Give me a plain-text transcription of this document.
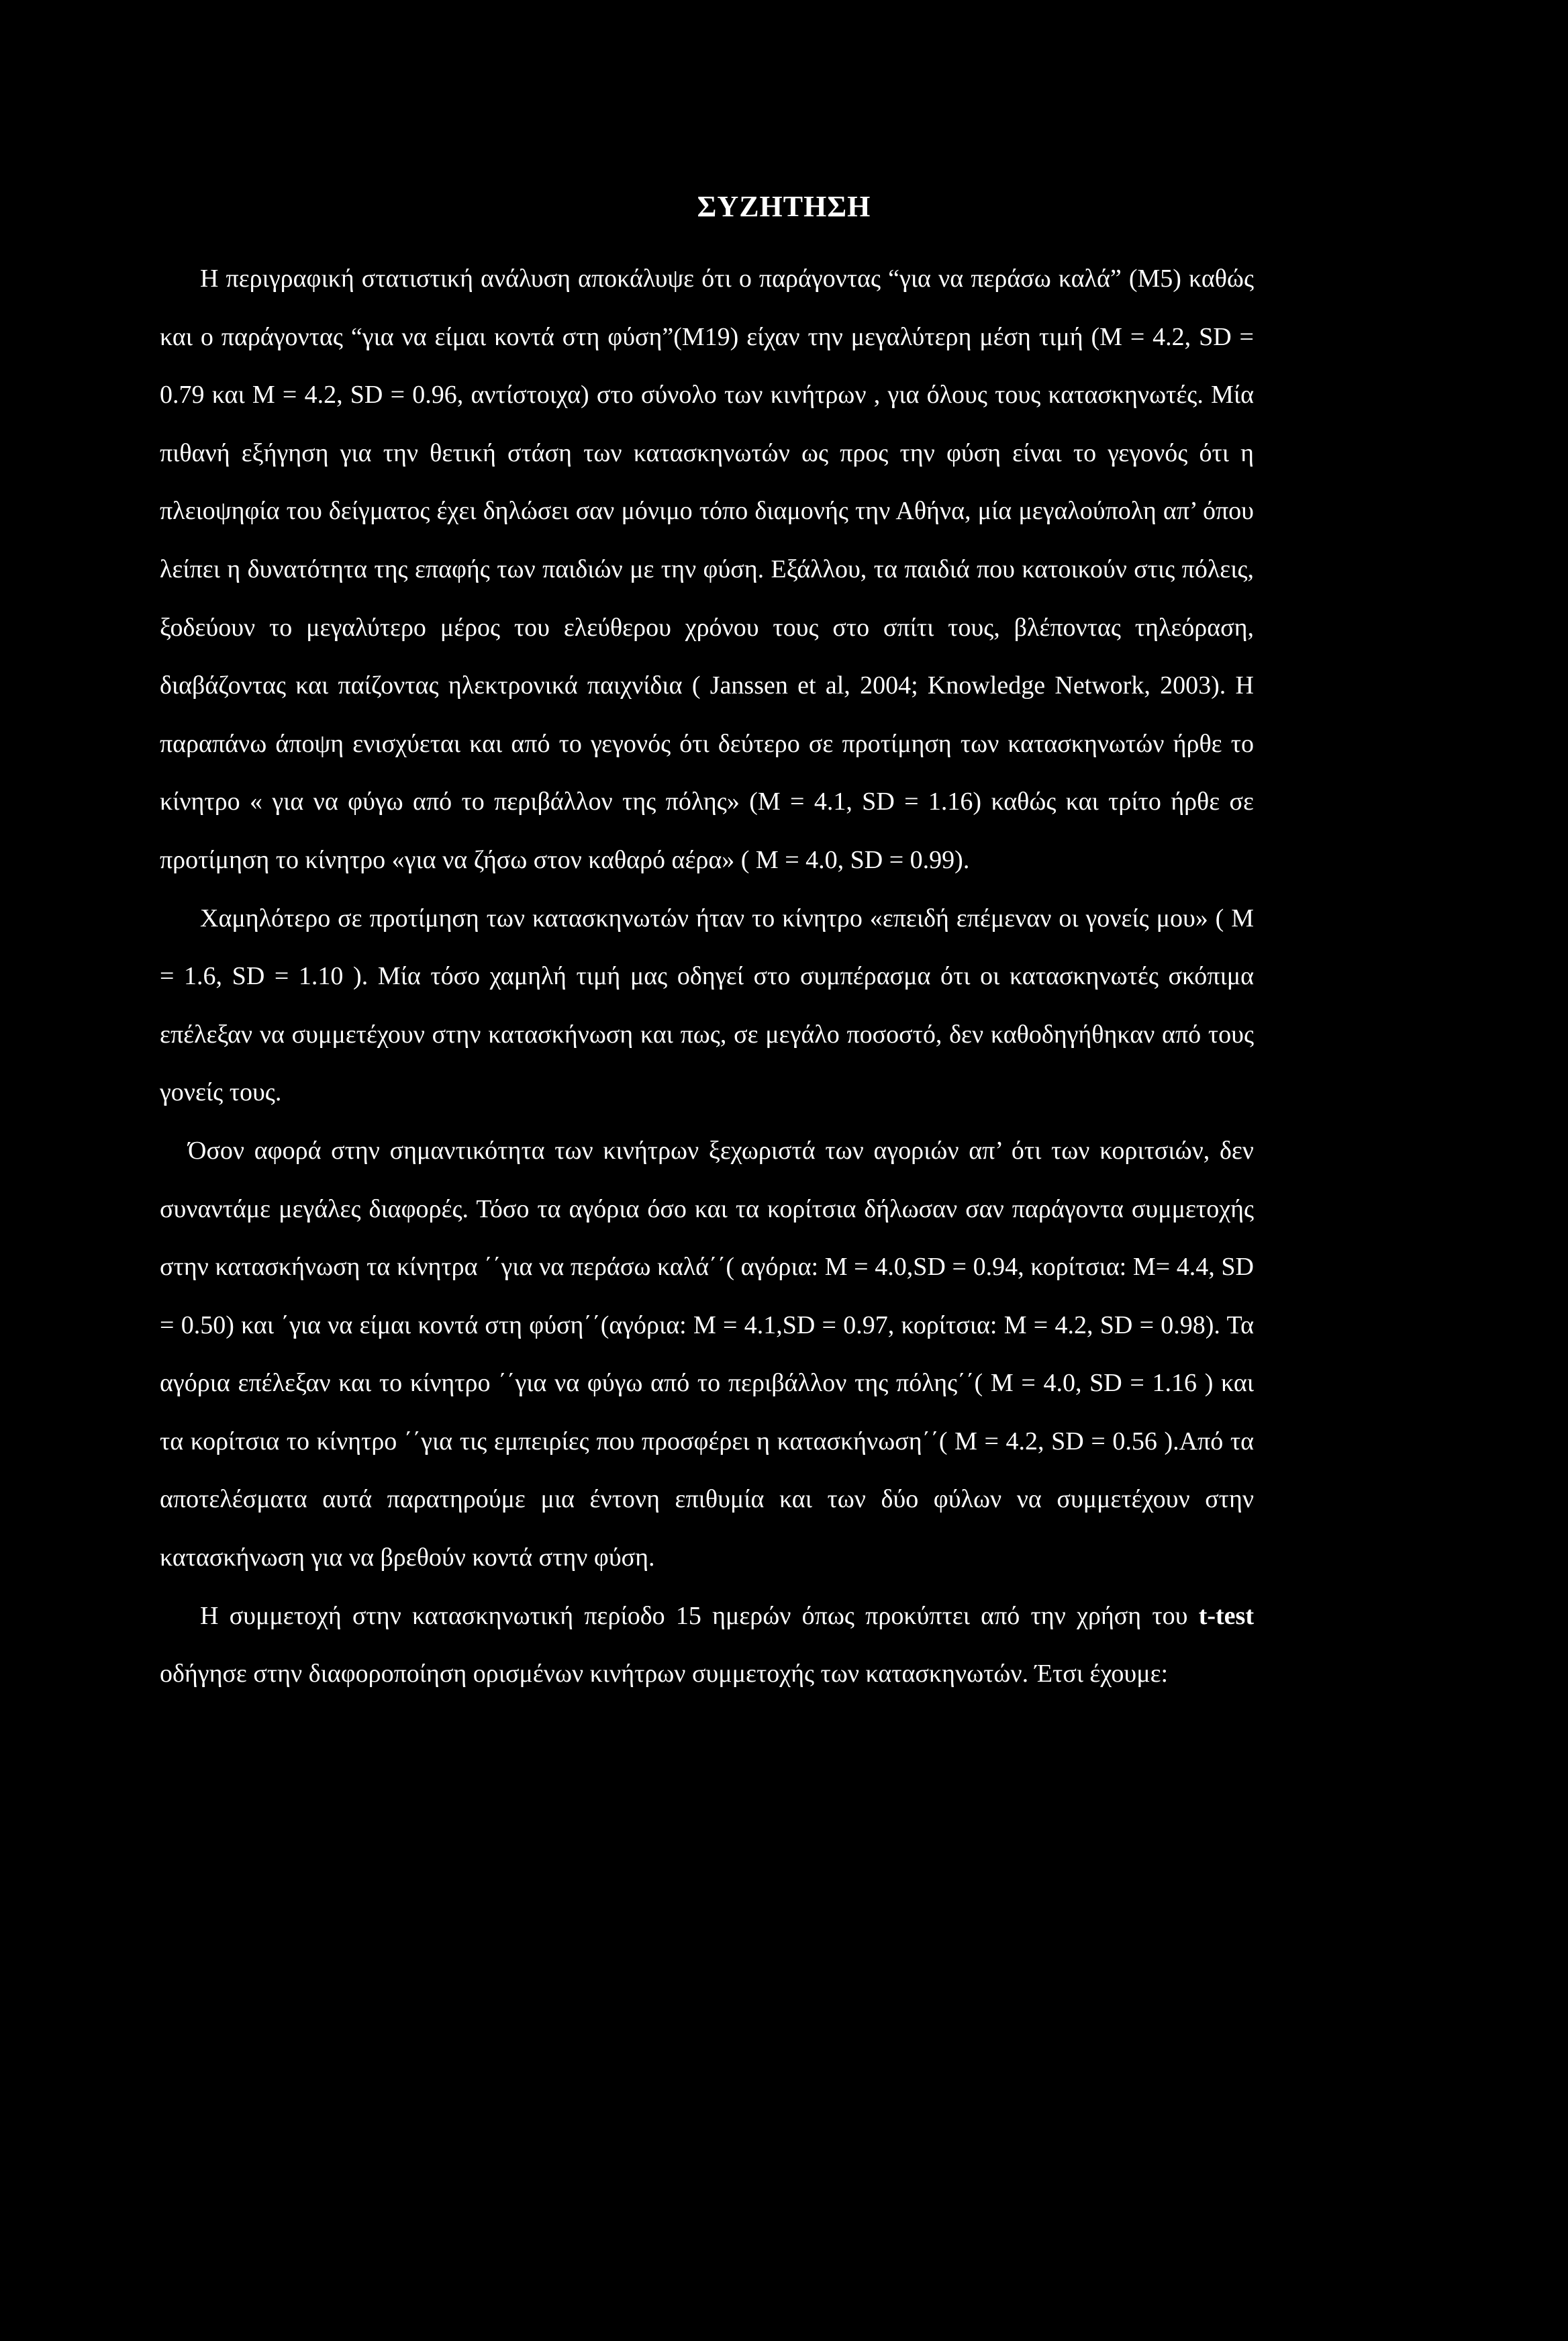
ΣΥΖΗΤΗΣΗ

Η περιγραφική στατιστική ανάλυση αποκάλυψε ότι ο παράγοντας “για να περάσω καλά” (Μ5) καθώς και ο παράγοντας “για να είμαι κοντά στη φύση”(Μ19) είχαν την μεγαλύτερη μέση τιμή (Μ = 4.2, SD = 0.79 και Μ = 4.2, SD = 0.96, αντίστοιχα) στο σύνολο των κινήτρων , για όλους τους κατασκηνωτές. Μία πιθανή εξήγηση για την θετική στάση των κατασκηνωτών ως προς την φύση είναι το γεγονός ότι η πλειοψηφία του δείγματος έχει δηλώσει σαν μόνιμο τόπο διαμονής την Αθήνα, μία μεγαλούπολη απ’ όπου λείπει η δυνατότητα της επαφής των παιδιών με την φύση. Εξάλλου, τα παιδιά που κατοικούν στις πόλεις, ξοδεύουν το μεγαλύτερο μέρος του ελεύθερου χρόνου τους στο σπίτι τους, βλέποντας τηλεόραση, διαβάζοντας και παίζοντας ηλεκτρονικά παιχνίδια ( Janssen et al, 2004; Knowledge Network, 2003). Η παραπάνω άποψη ενισχύεται και από το γεγονός ότι δεύτερο σε προτίμηση των κατασκηνωτών ήρθε το κίνητρο « για να φύγω από το περιβάλλον της πόλης» (Μ = 4.1, SD = 1.16) καθώς και τρίτο ήρθε σε προτίμηση το κίνητρο «για να ζήσω στον καθαρό αέρα» ( Μ = 4.0, SD = 0.99).

Χαμηλότερο σε προτίμηση των κατασκηνωτών ήταν το κίνητρο «επειδή επέμεναν οι γονείς μου» ( Μ = 1.6, SD = 1.10 ). Μία τόσο χαμηλή τιμή μας οδηγεί στο συμπέρασμα ότι οι κατασκηνωτές σκόπιμα επέλεξαν να συμμετέχουν στην κατασκήνωση και πως, σε μεγάλο ποσοστό, δεν καθοδηγήθηκαν από τους γονείς τους.

Όσον αφορά στην σημαντικότητα των κινήτρων ξεχωριστά των αγοριών απ’ ότι των κοριτσιών, δεν συναντάμε μεγάλες διαφορές. Τόσο τα αγόρια όσο και τα κορίτσια δήλωσαν σαν παράγοντα συμμετοχής στην κατασκήνωση τα κίνητρα ΄΄για να περάσω καλά΄΄( αγόρια: Μ = 4.0,SD = 0.94, κορίτσια: Μ= 4.4, SD = 0.50) και ΄για να είμαι κοντά στη φύση΄΄(αγόρια: Μ = 4.1,SD = 0.97, κορίτσια: Μ = 4.2, SD = 0.98). Τα αγόρια επέλεξαν και το κίνητρο ΄΄για να φύγω από το περιβάλλον της πόλης΄΄( Μ = 4.0, SD = 1.16 ) και τα κορίτσια το κίνητρο ΄΄για τις εμπειρίες που προσφέρει η κατασκήνωση΄΄( Μ = 4.2, SD = 0.56 ).Από τα αποτελέσματα αυτά παρατηρούμε μια έντονη επιθυμία και των δύο φύλων να συμμετέχουν στην κατασκήνωση για να βρεθούν κοντά στην φύση.

Η συμμετοχή στην κατασκηνωτική περίοδο 15 ημερών όπως προκύπτει από την χρήση του t-test οδήγησε στην διαφοροποίηση ορισμένων κινήτρων συμμετοχής των κατασκηνωτών. Έτσι έχουμε:
